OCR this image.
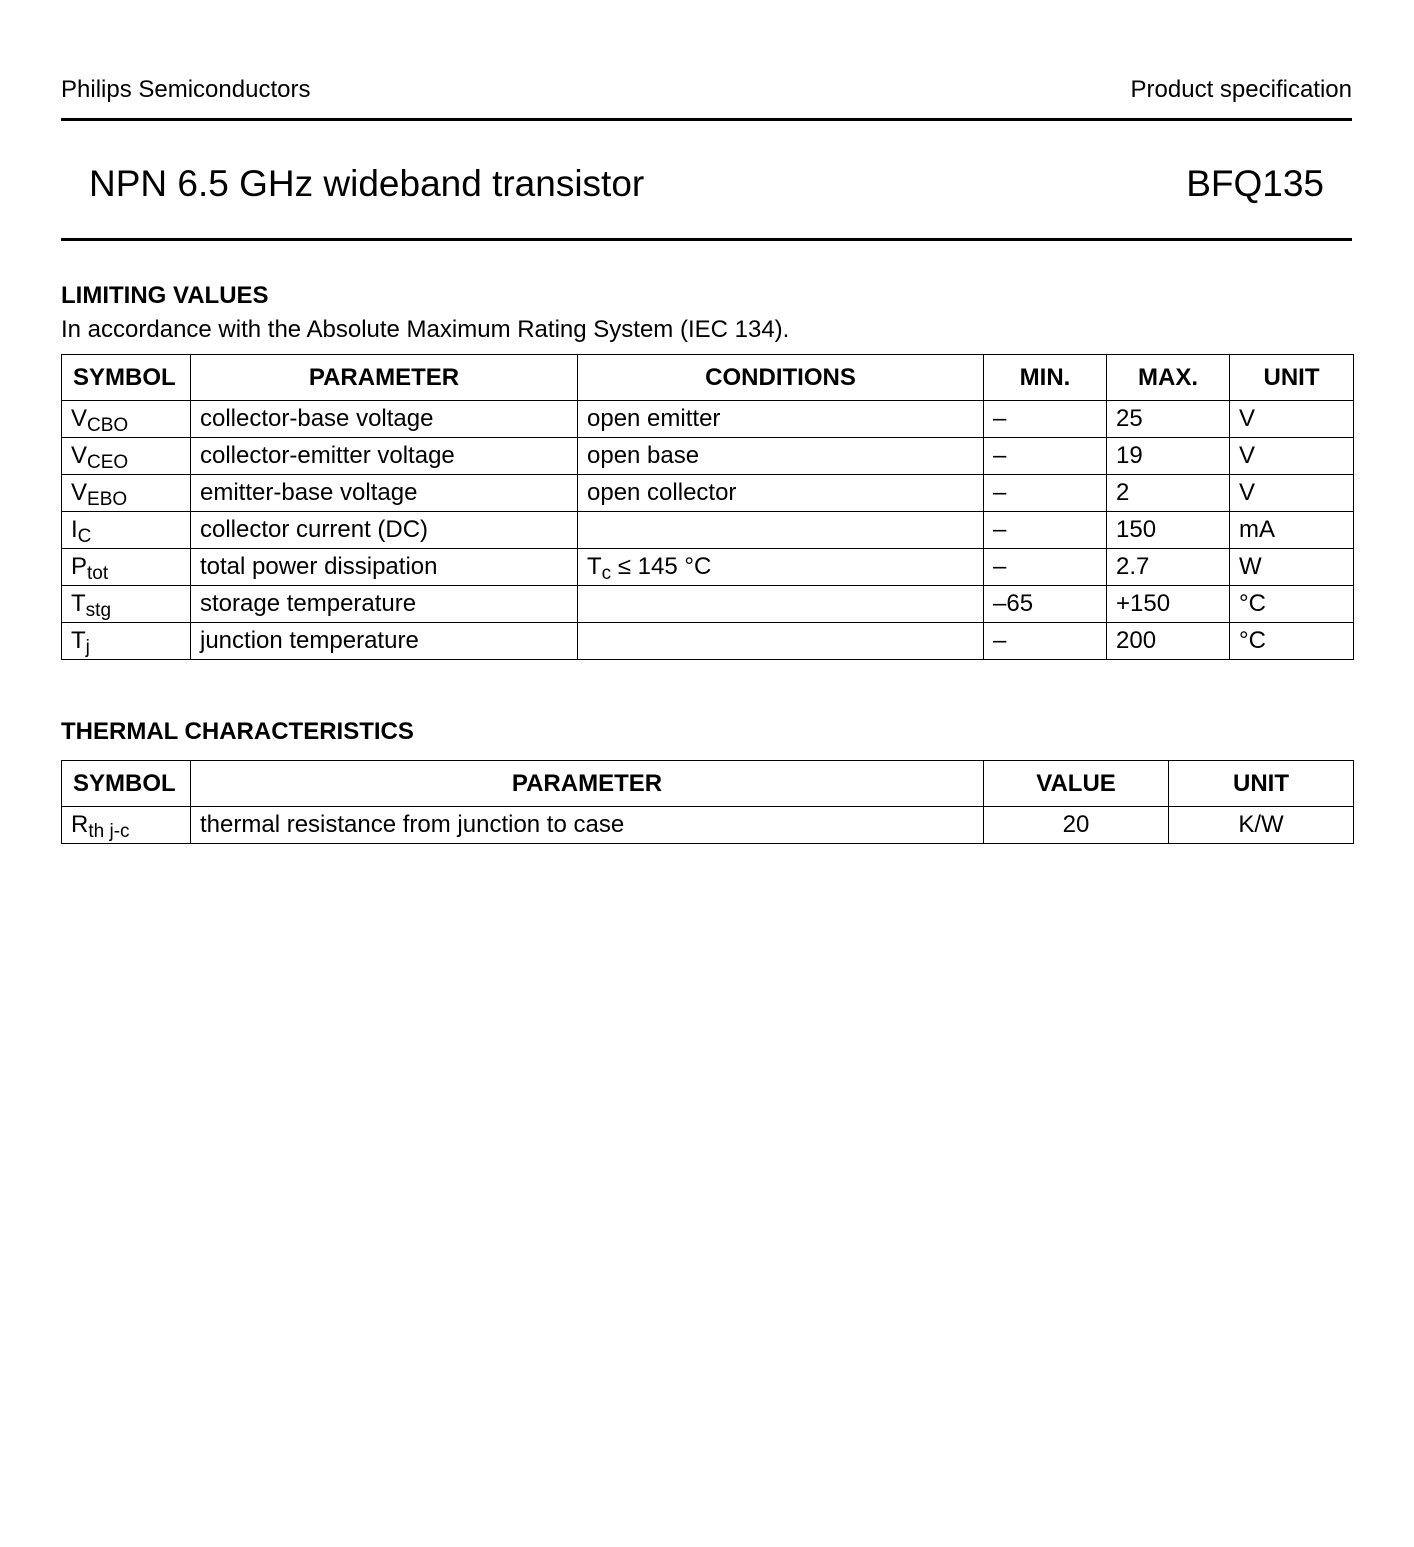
Philips Semiconductors	Product specification
NPN 6.5 GHz wideband transistor	BFQ135
LIMITING VALUES
In accordance with the Absolute Maximum Rating System (IEC 134).
SYMBOL	PARAMETER	CONDITIONS	MIN.	MAX.	UNIT
$V_{CBO}$	collector-base voltage	open emitter	–	25	V
$V_{CEO}$	collector-emitter voltage	open base	–	19	V
$V_{EBO}$	emitter-base voltage	open collector	–	2	V
$I_C$	collector current (DC)		–	150	mA
$P_{tot}$	total power dissipation	$T_c \le 145$ °C	–	2.7	W
$T_{stg}$	storage temperature		–65	+150	°C
$T_j$	junction temperature		–	200	°C
THERMAL CHARACTERISTICS
SYMBOL	PARAMETER	VALUE	UNIT
$R_{th j-c}$	thermal resistance from junction to case	20	K/W
